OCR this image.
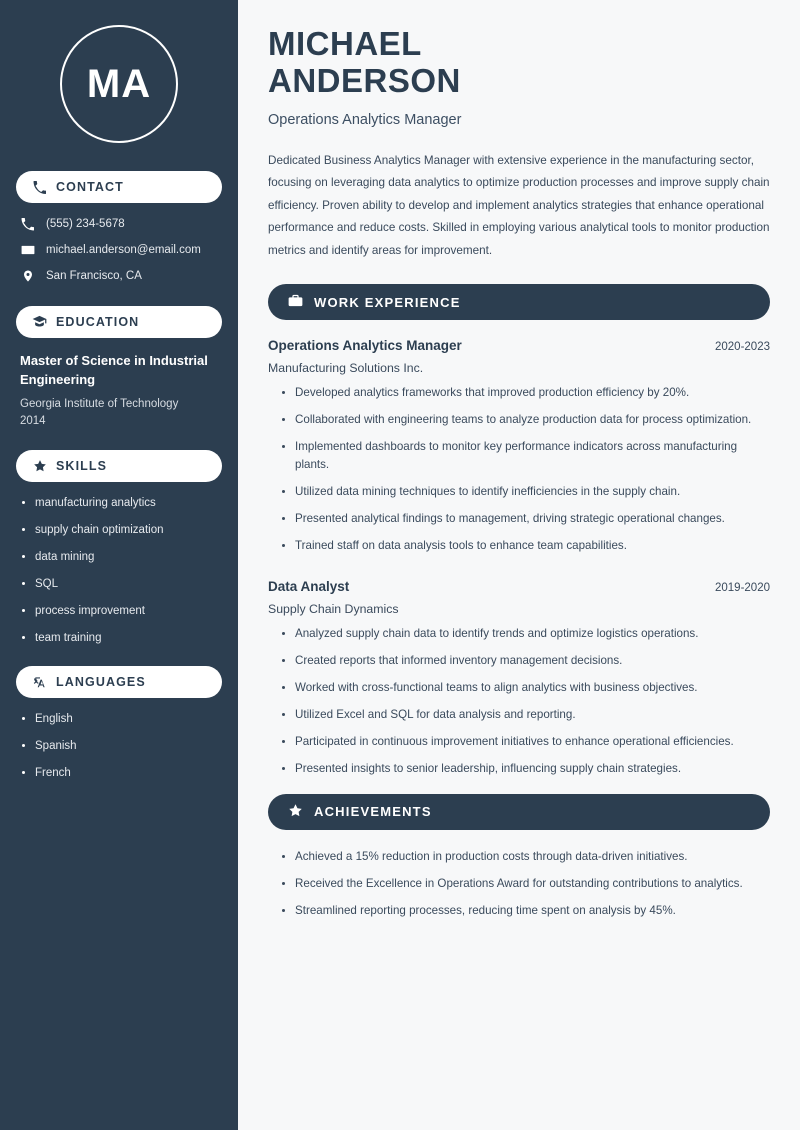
MA
CONTACT
(555) 234-5678
michael.anderson@email.com
San Francisco, CA
EDUCATION
Master of Science in Industrial Engineering
Georgia Institute of Technology
2014
SKILLS
manufacturing analytics
supply chain optimization
data mining
SQL
process improvement
team training
LANGUAGES
English
Spanish
French
MICHAEL
ANDERSON
Operations Analytics Manager
Dedicated Business Analytics Manager with extensive experience in the manufacturing sector, focusing on leveraging data analytics to optimize production processes and improve supply chain efficiency. Proven ability to develop and implement analytics strategies that enhance operational performance and reduce costs. Skilled in employing various analytical tools to monitor production metrics and identify areas for improvement.
WORK EXPERIENCE
Operations Analytics Manager	2020-2023
Manufacturing Solutions Inc.
Developed analytics frameworks that improved production efficiency by 20%.
Collaborated with engineering teams to analyze production data for process optimization.
Implemented dashboards to monitor key performance indicators across manufacturing plants.
Utilized data mining techniques to identify inefficiencies in the supply chain.
Presented analytical findings to management, driving strategic operational changes.
Trained staff on data analysis tools to enhance team capabilities.
Data Analyst	2019-2020
Supply Chain Dynamics
Analyzed supply chain data to identify trends and optimize logistics operations.
Created reports that informed inventory management decisions.
Worked with cross-functional teams to align analytics with business objectives.
Utilized Excel and SQL for data analysis and reporting.
Participated in continuous improvement initiatives to enhance operational efficiencies.
Presented insights to senior leadership, influencing supply chain strategies.
ACHIEVEMENTS
Achieved a 15% reduction in production costs through data-driven initiatives.
Received the Excellence in Operations Award for outstanding contributions to analytics.
Streamlined reporting processes, reducing time spent on analysis by 45%.
